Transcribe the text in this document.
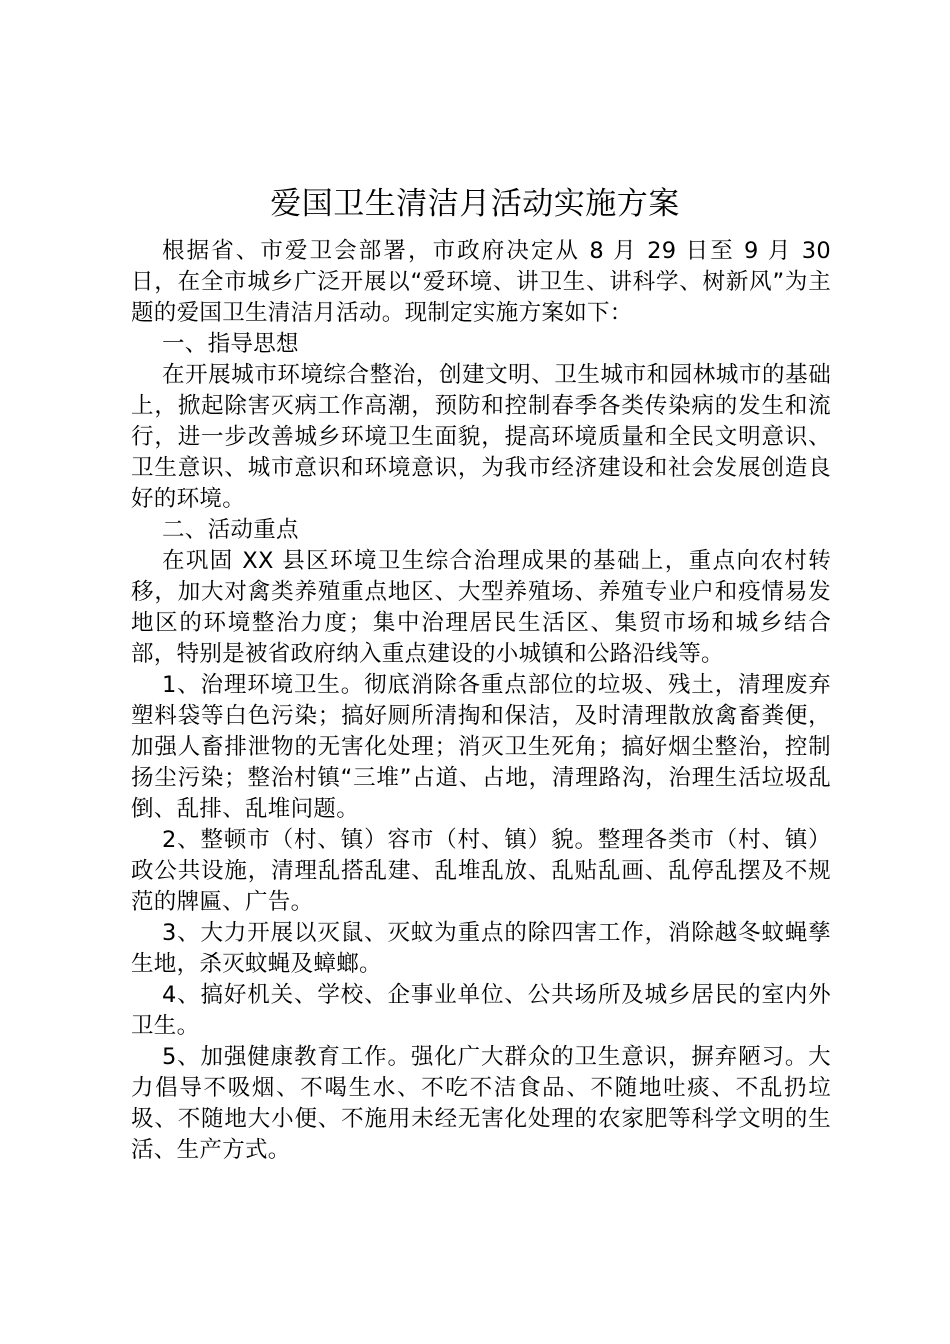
爱国卫生清洁月活动实施方案

根据省、市爱卫会部署，市政府决定从 8 月 29 日至 9 月 30 日，在全市城乡广泛开展以“爱环境、讲卫生、讲科学、树新风”为主题的爱国卫生清洁月活动。现制定实施方案如下：

一、指导思想

在开展城市环境综合整治，创建文明、卫生城市和园林城市的基础上，掀起除害灭病工作高潮，预防和控制春季各类传染病的发生和流行，进一步改善城乡环境卫生面貌，提高环境质量和全民文明意识、卫生意识、城市意识和环境意识，为我市经济建设和社会发展创造良好的环境。

二、活动重点

在巩固 XX 县区环境卫生综合治理成果的基础上，重点向农村转移，加大对禽类养殖重点地区、大型养殖场、养殖专业户和疫情易发地区的环境整治力度；集中治理居民生活区、集贸市场和城乡结合部，特别是被省政府纳入重点建设的小城镇和公路沿线等。

1、治理环境卫生。彻底消除各重点部位的垃圾、残土，清理废弃塑料袋等白色污染；搞好厕所清掏和保洁，及时清理散放禽畜粪便，加强人畜排泄物的无害化处理；消灭卫生死角；搞好烟尘整治，控制扬尘污染；整治村镇“三堆”占道、占地，清理路沟，治理生活垃圾乱倒、乱排、乱堆问题。

2、整顿市（村、镇）容市（村、镇）貌。整理各类市（村、镇）政公共设施，清理乱搭乱建、乱堆乱放、乱贴乱画、乱停乱摆及不规范的牌匾、广告。

3、大力开展以灭鼠、灭蚊为重点的除四害工作，消除越冬蚊蝇孳生地，杀灭蚊蝇及蟑螂。

4、搞好机关、学校、企事业单位、公共场所及城乡居民的室内外卫生。

5、加强健康教育工作。强化广大群众的卫生意识，摒弃陋习。大力倡导不吸烟、不喝生水、不吃不洁食品、不随地吐痰、不乱扔垃圾、不随地大小便、不施用未经无害化处理的农家肥等科学文明的生活、生产方式。
